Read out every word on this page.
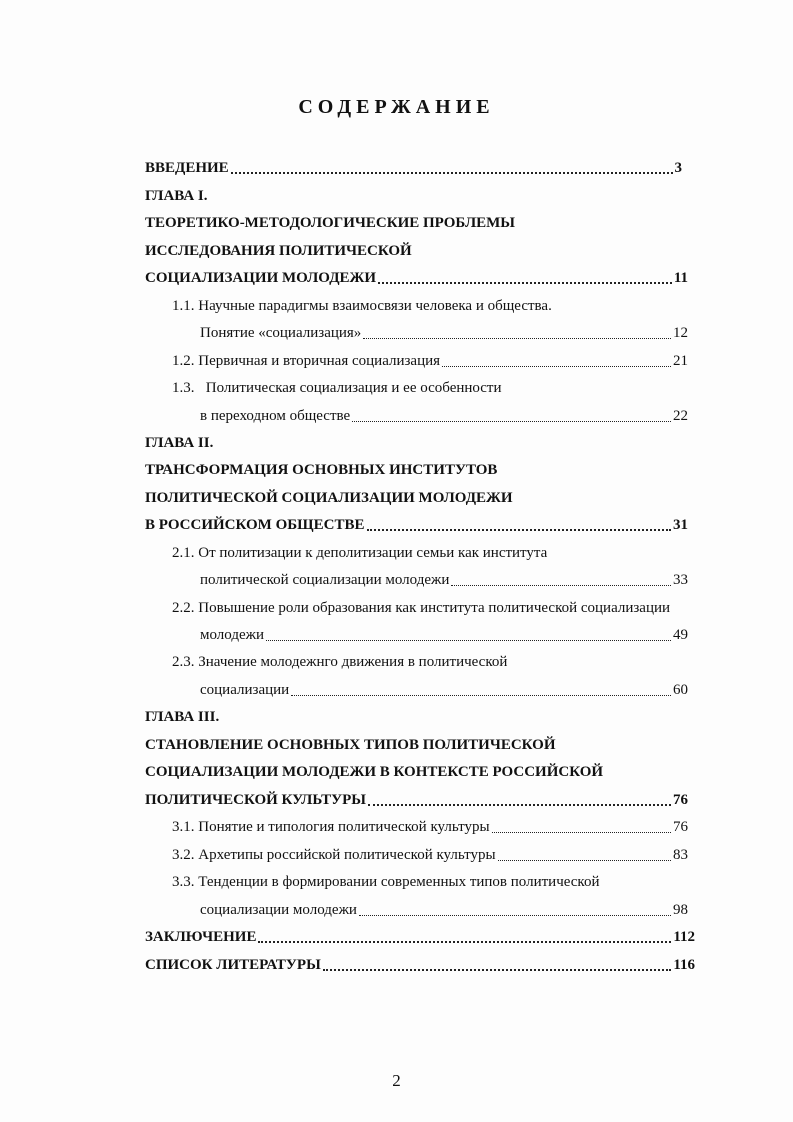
СОДЕРЖАНИЕ
ВВЕДЕНИЕ	3
ГЛАВА I.
ТЕОРЕТИКО-МЕТОДОЛОГИЧЕСКИЕ ПРОБЛЕМЫ
ИССЛЕДОВАНИЯ ПОЛИТИЧЕСКОЙ
СОЦИАЛИЗАЦИИ МОЛОДЕЖИ	11
1.1.
Научные парадигмы взаимосвязи человека и общества.
Понятие «социализация»	12
1.2. Первичная и вторичная социализация	21
1.3.
Политическая социализация и ее особенности
в переходном обществе	22
ГЛАВА II.
ТРАНСФОРМАЦИЯ ОСНОВНЫХ ИНСТИТУТОВ
ПОЛИТИЧЕСКОЙ СОЦИАЛИЗАЦИИ МОЛОДЕЖИ
В РОССИЙСКОМ ОБЩЕСТВЕ	31
2.1.
От политизации к деполитизации семьи как института
политической социализации молодежи	33
2.2.
Повышение роли образования как института политической социализации
молодежи	49
2.3.
Значение молодежнго движения в политической
социализации	60
ГЛАВА III.
СТАНОВЛЕНИЕ ОСНОВНЫХ ТИПОВ ПОЛИТИЧЕСКОЙ
СОЦИАЛИЗАЦИИ МОЛОДЕЖИ В КОНТЕКСТЕ РОССИЙСКОЙ
ПОЛИТИЧЕСКОЙ КУЛЬТУРЫ	76
3.1. Понятие и типология политической культуры	76
3.2. Архетипы российской политической культуры	83
3.3.
Тенденции в формировании современных типов политической
социализации молодежи	98
ЗАКЛЮЧЕНИЕ	112
СПИСОК ЛИТЕРАТУРЫ	116
2
